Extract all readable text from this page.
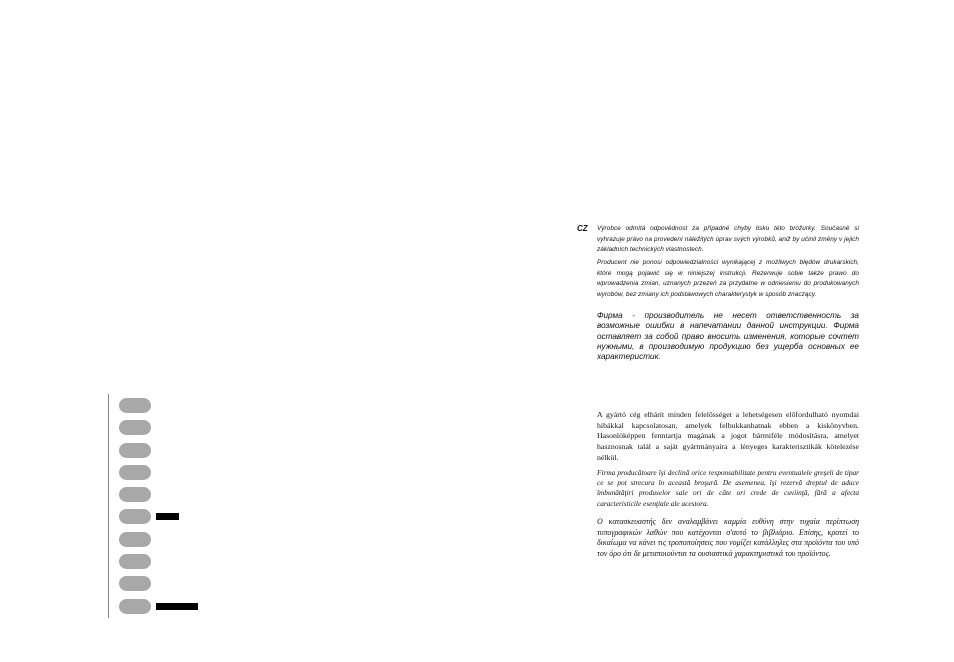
CZ Výrobce odmítá odpovědnost za případné chyby tisku této brožurky. Současně si vyhrazuje právo na provedení náležitých úprav svých výrobků, aniž by učinil změny v jejich základních technických vlastnostech.

Producent nie ponosi odpowiedzialności wynikającej z możliwych błędów drukarskich, które mogą pojawić się w niniejszej instrukcji. Rezerwuje sobie także prawo do wprowadzenia zmian, uznanych przezeń za przydatne w odniesieniu do produkowanych wyrobów, bez zmiany ich podstawowych charakterystyk w sposób znaczący.

Фирма - производитель не несет ответственность за возможные ошибки в напечатании данной инструкции. Фирма оставляет за собой право вносить изменения, которые сочтет нужными, в производимую продукцию без ущерба основных ее характеристик.

A gyártó cég elhárít minden felelősséget a lehetségesen előfordulható nyomdai hibákkal kapcsolatosan, amelyek felbukkanhatnak ebben a kiskönyvben. Hasonlóképpen fenntartja magának a jogot bármiféle módosításra, amelyet hasznosnak talál a saját gyártmányaira a lényeges karakterisztikák kötelezése nélkül.

Firma producătoare îşi declină orice responsabilitate pentru eventualele greşeli de tipar ce se pot strecura în această broşură. De asemenea, îşi rezervă dreptul de aduce îmbunătăţiri produselor sale ori de câte ori crede de cuviinţă, fără a afecta caracteristicile esenţiale ale acestora.

Ο κατασκευαστής δεν αναλαμβάνει καμμία ευθύνη στην τυχαία περίπτωση τυπογραφικών λαθών που κατέχονται σ'αυτό το βιβλιάριο. Επίσης, κρατεί το δικαίωμα να κάνει τις τροποποίησεις που νομίζει κατάλληλες στα προϊόντα του υπό τον όρο ότι δε μεταποιούνται τα ουσιαστικά χαρακτηριστικά του προϊόντος.
